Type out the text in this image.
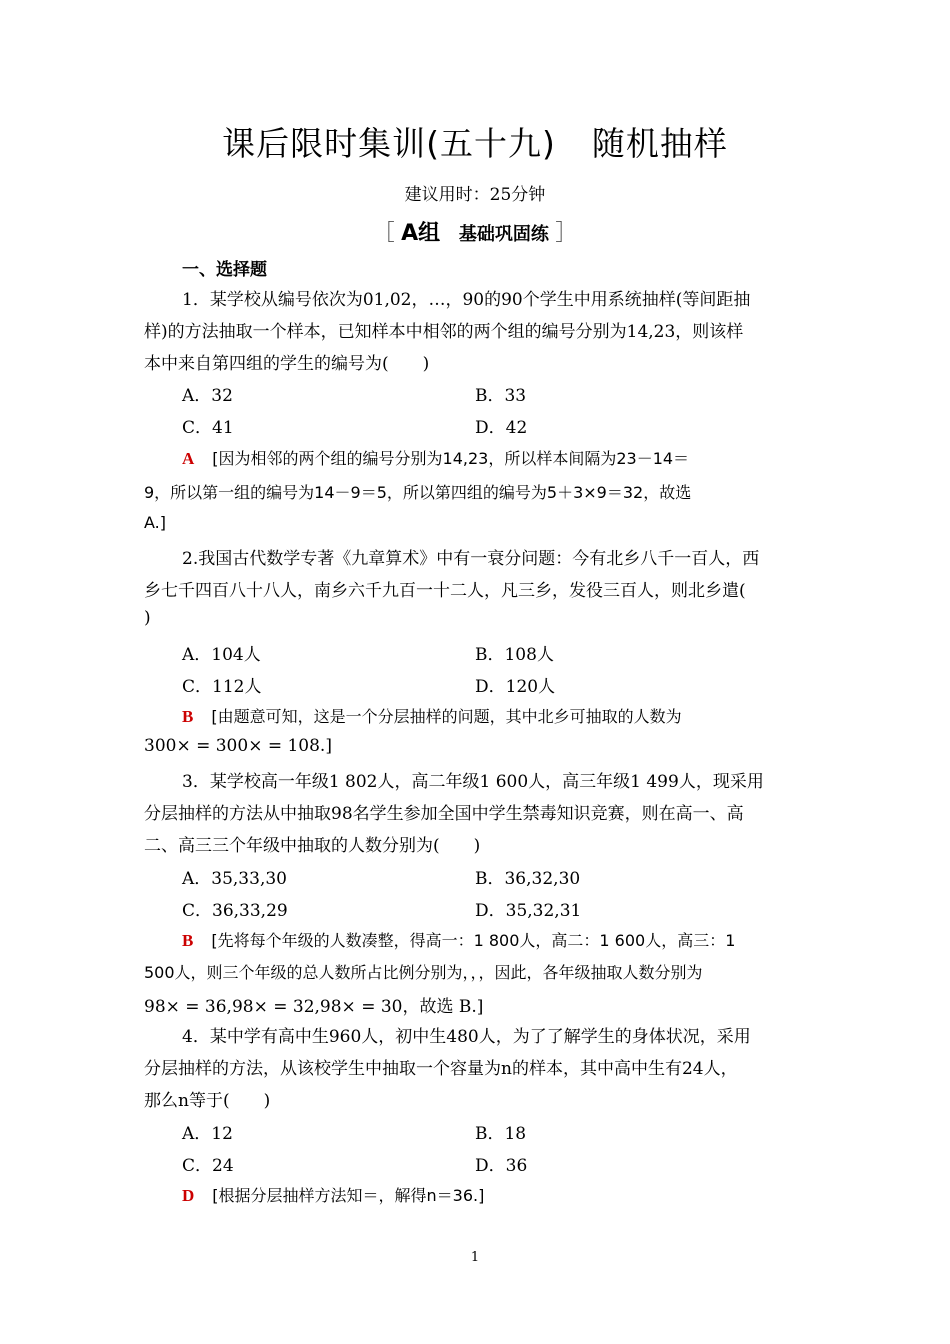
课后限时集训(五十九) 随机抽样
建议用时：25分钟
［ A组 基础巩固练 ］
一、选择题
1．某学校从编号依次为01,02，…，90的90个学生中用系统抽样(等间距抽
样)的方法抽取一个样本，已知样本中相邻的两个组的编号分别为14,23，则该样
本中来自第四组的学生的编号为(　　)
A．32	B．33
C．41	D．42
A [因为相邻的两个组的编号分别为14,23，所以样本间隔为23－14＝
9，所以第一组的编号为14－9＝5，所以第四组的编号为5＋3×9＝32，故选
A.]
2.我国古代数学专著《九章算术》中有一衰分问题：今有北乡八千一百人，西
乡七千四百八十八人，南乡六千九百一十二人，凡三乡，发役三百人，则北乡遣(
)
A．104人	B．108人
C．112人	D．120人
B [由题意可知，这是一个分层抽样的问题，其中北乡可抽取的人数为
300× = 300× = 108.]
3．某学校高一年级1 802人，高二年级1 600人，高三年级1 499人，现采用
分层抽样的方法从中抽取98名学生参加全国中学生禁毒知识竞赛，则在高一、高
二、高三三个年级中抽取的人数分别为(　　)
A．35,33,30	B．36,32,30
C．36,33,29	D．35,32,31
B [先将每个年级的人数凑整，得高一：1 800人，高二：1 600人，高三：1
500人，则三个年级的总人数所占比例分别为，，，因此，各年级抽取人数分别为
98× = 36,98× = 32,98× = 30，故选 B.]
4．某中学有高中生960人，初中生480人，为了了解学生的身体状况，采用
分层抽样的方法，从该校学生中抽取一个容量为n的样本，其中高中生有24人，
那么n等于(　　)
A．12	B．18
C．24	D．36
D [根据分层抽样方法知＝，解得n＝36.]
1
